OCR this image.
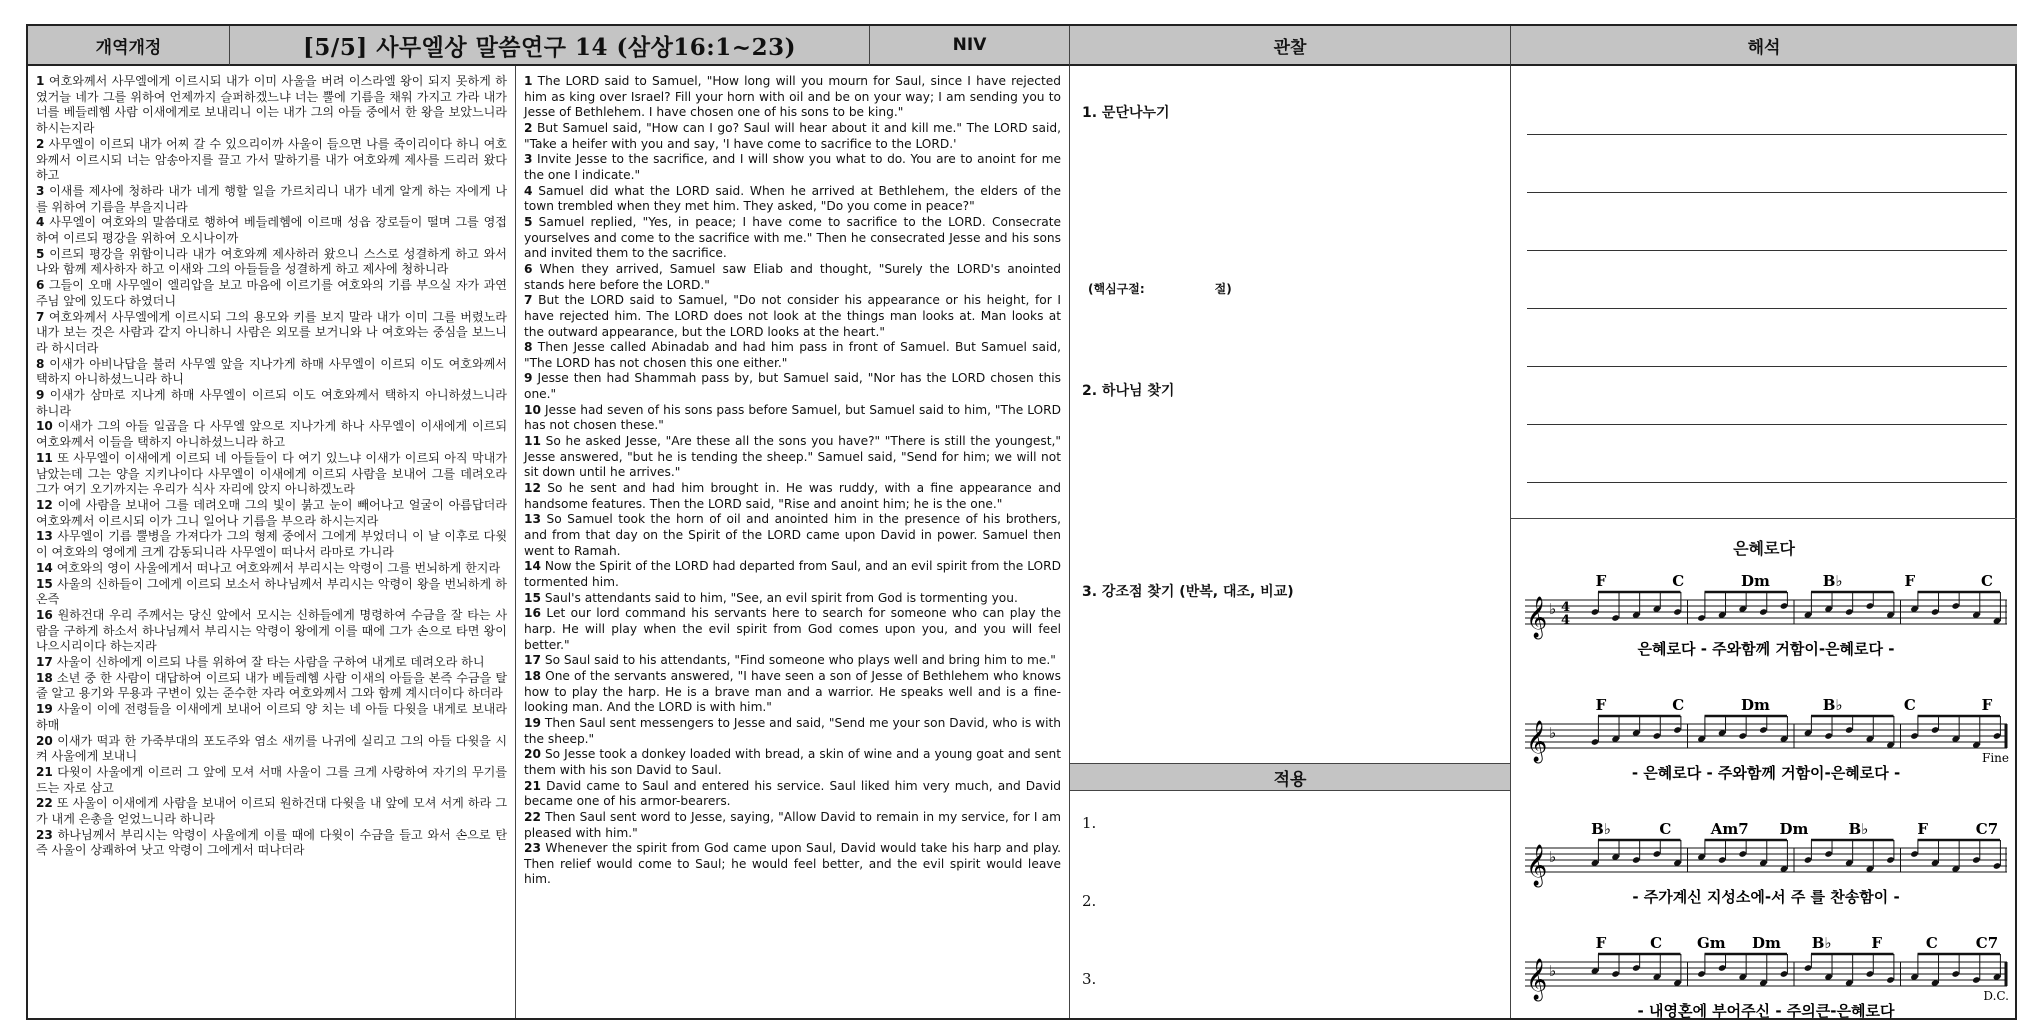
개역개정	[5/5] 사무엘상 말씀연구 14 (삼상16:1~23)	NIV	관찰	해석

1 여호와께서 사무엘에게 이르시되 내가 이미 사울을 버려 이스라엘 왕이 되지 못하게 하였거늘 네가 그를 위하여 언제까지 슬퍼하겠느냐 너는 뿔에 기름을 채워 가지고 가라 내가 너를 베들레헴 사람 이새에게로 보내리니 이는 내가 그의 아들 중에서 한 왕을 보았느니라 하시는지라

2 사무엘이 이르되 내가 어찌 갈 수 있으리이까 사울이 들으면 나를 죽이리이다 하니 여호와께서 이르시되 너는 암송아지를 끌고 가서 말하기를 내가 여호와께 제사를 드리러 왔다 하고

3 이새를 제사에 청하라 내가 네게 행할 일을 가르치리니 내가 네게 알게 하는 자에게 나를 위하여 기름을 부을지니라

4 사무엘이 여호와의 말씀대로 행하여 베들레헴에 이르매 성읍 장로들이 떨며 그를 영접하여 이르되 평강을 위하여 오시나이까

5 이르되 평강을 위함이니라 내가 여호와께 제사하러 왔으니 스스로 성결하게 하고 와서 나와 함께 제사하자 하고 이새와 그의 아들들을 성결하게 하고 제사에 청하니라

6 그들이 오매 사무엘이 엘리압을 보고 마음에 이르기를 여호와의 기름 부으실 자가 과연 주님 앞에 있도다 하였더니

7 여호와께서 사무엘에게 이르시되 그의 용모와 키를 보지 말라 내가 이미 그를 버렸노라 내가 보는 것은 사람과 같지 아니하니 사람은 외모를 보거니와 나 여호와는 중심을 보느니라 하시더라

8 이새가 아비나답을 불러 사무엘 앞을 지나가게 하매 사무엘이 이르되 이도 여호와께서 택하지 아니하셨느니라 하니

9 이새가 삼마로 지나게 하매 사무엘이 이르되 이도 여호와께서 택하지 아니하셨느니라 하니라

10 이새가 그의 아들 일곱을 다 사무엘 앞으로 지나가게 하나 사무엘이 이새에게 이르되 여호와께서 이들을 택하지 아니하셨느니라 하고

11 또 사무엘이 이새에게 이르되 네 아들들이 다 여기 있느냐 이새가 이르되 아직 막내가 남았는데 그는 양을 지키나이다 사무엘이 이새에게 이르되 사람을 보내어 그를 데려오라 그가 여기 오기까지는 우리가 식사 자리에 앉지 아니하겠노라

12 이에 사람을 보내어 그를 데려오매 그의 빛이 붉고 눈이 빼어나고 얼굴이 아름답더라 여호와께서 이르시되 이가 그니 일어나 기름을 부으라 하시는지라

13 사무엘이 기름 뿔병을 가져다가 그의 형제 중에서 그에게 부었더니 이 날 이후로 다윗이 여호와의 영에게 크게 감동되니라 사무엘이 떠나서 라마로 가니라

14 여호와의 영이 사울에게서 떠나고 여호와께서 부리시는 악령이 그를 번뇌하게 한지라

15 사울의 신하들이 그에게 이르되 보소서 하나님께서 부리시는 악령이 왕을 번뇌하게 하온즉

16 원하건대 우리 주께서는 당신 앞에서 모시는 신하들에게 명령하여 수금을 잘 타는 사람을 구하게 하소서 하나님께서 부리시는 악령이 왕에게 이를 때에 그가 손으로 타면 왕이 나으시리이다 하는지라

17 사울이 신하에게 이르되 나를 위하여 잘 타는 사람을 구하여 내게로 데려오라 하니

18 소년 중 한 사람이 대답하여 이르되 내가 베들레헴 사람 이새의 아들을 본즉 수금을 탈 줄 알고 용기와 무용과 구변이 있는 준수한 자라 여호와께서 그와 함께 계시더이다 하더라

19 사울이 이에 전령들을 이새에게 보내어 이르되 양 치는 네 아들 다윗을 내게로 보내라 하매

20 이새가 떡과 한 가죽부대의 포도주와 염소 새끼를 나귀에 실리고 그의 아들 다윗을 시켜 사울에게 보내니

21 다윗이 사울에게 이르러 그 앞에 모셔 서매 사울이 그를 크게 사랑하여 자기의 무기를 드는 자로 삼고

22 또 사울이 이새에게 사람을 보내어 이르되 원하건대 다윗을 내 앞에 모셔 서게 하라 그가 내게 은총을 얻었느니라 하니라

23 하나님께서 부리시는 악령이 사울에게 이를 때에 다윗이 수금을 들고 와서 손으로 탄즉 사울이 상쾌하여 낫고 악령이 그에게서 떠나더라

1 The LORD said to Samuel, "How long will you mourn for Saul, since I have rejected him as king over Israel? Fill your horn with oil and be on your way; I am sending you to Jesse of Bethlehem. I have chosen one of his sons to be king."

2 But Samuel said, "How can I go? Saul will hear about it and kill me." The LORD said, "Take a heifer with you and say, 'I have come to sacrifice to the LORD.'

3 Invite Jesse to the sacrifice, and I will show you what to do. You are to anoint for me the one I indicate."

4 Samuel did what the LORD said. When he arrived at Bethlehem, the elders of the town trembled when they met him. They asked, "Do you come in peace?"

5 Samuel replied, "Yes, in peace; I have come to sacrifice to the LORD. Consecrate yourselves and come to the sacrifice with me." Then he consecrated Jesse and his sons and invited them to the sacrifice.

6 When they arrived, Samuel saw Eliab and thought, "Surely the LORD's anointed stands here before the LORD."

7 But the LORD said to Samuel, "Do not consider his appearance or his height, for I have rejected him. The LORD does not look at the things man looks at. Man looks at the outward appearance, but the LORD looks at the heart."

8 Then Jesse called Abinadab and had him pass in front of Samuel. But Samuel said, "The LORD has not chosen this one either."

9 Jesse then had Shammah pass by, but Samuel said, "Nor has the LORD chosen this one."

10 Jesse had seven of his sons pass before Samuel, but Samuel said to him, "The LORD has not chosen these."

11 So he asked Jesse, "Are these all the sons you have?" "There is still the youngest," Jesse answered, "but he is tending the sheep." Samuel said, "Send for him; we will not sit down until he arrives."

12 So he sent and had him brought in. He was ruddy, with a fine appearance and handsome features. Then the LORD said, "Rise and anoint him; he is the one."

13 So Samuel took the horn of oil and anointed him in the presence of his brothers, and from that day on the Spirit of the LORD came upon David in power. Samuel then went to Ramah.

14 Now the Spirit of the LORD had departed from Saul, and an evil spirit from the LORD tormented him.

15 Saul's attendants said to him, "See, an evil spirit from God is tormenting you.

16 Let our lord command his servants here to search for someone who can play the harp. He will play when the evil spirit from God comes upon you, and you will feel better."

17 So Saul said to his attendants, "Find someone who plays well and bring him to me."

18 One of the servants answered, "I have seen a son of Jesse of Bethlehem who knows how to play the harp. He is a brave man and a warrior. He speaks well and is a fine-looking man. And the LORD is with him."

19 Then Saul sent messengers to Jesse and said, "Send me your son David, who is with the sheep."

20 So Jesse took a donkey loaded with bread, a skin of wine and a young goat and sent them with his son David to Saul.

21 David came to Saul and entered his service. Saul liked him very much, and David became one of his armor-bearers.

22 Then Saul sent word to Jesse, saying, "Allow David to remain in my service, for I am pleased with him."

23 Whenever the spirit from God came upon Saul, David would take his harp and play. Then relief would come to Saul; he would feel better, and the evil spirit would leave him.

1. 문단나누기
(핵심구절:	절)
2. 하나님 찾기
3. 강조점 찾기 (반복, 대조, 비교)
적용
1.
2.
3.
은혜로다
𝄞 ♭ 4
4
F	C	Dm	B♭	F	C
은혜로다 - 주와함께 거함이-은혜로다 -
𝄞 ♭
F	C	Dm	B♭	C	F
- 은혜로다 - 주와함께 거함이-은혜로다 -
𝄞 ♭
B♭	C	Am7 Dm	B♭	F	C7
- 주가계신 지성소에-서 주 를 찬송함이 -
𝄞 ♭
F	C Gm Dm B♭	F	C	C7
- 내영혼에 부어주신 - 주의큰-은혜로다
Fine
D.C.
